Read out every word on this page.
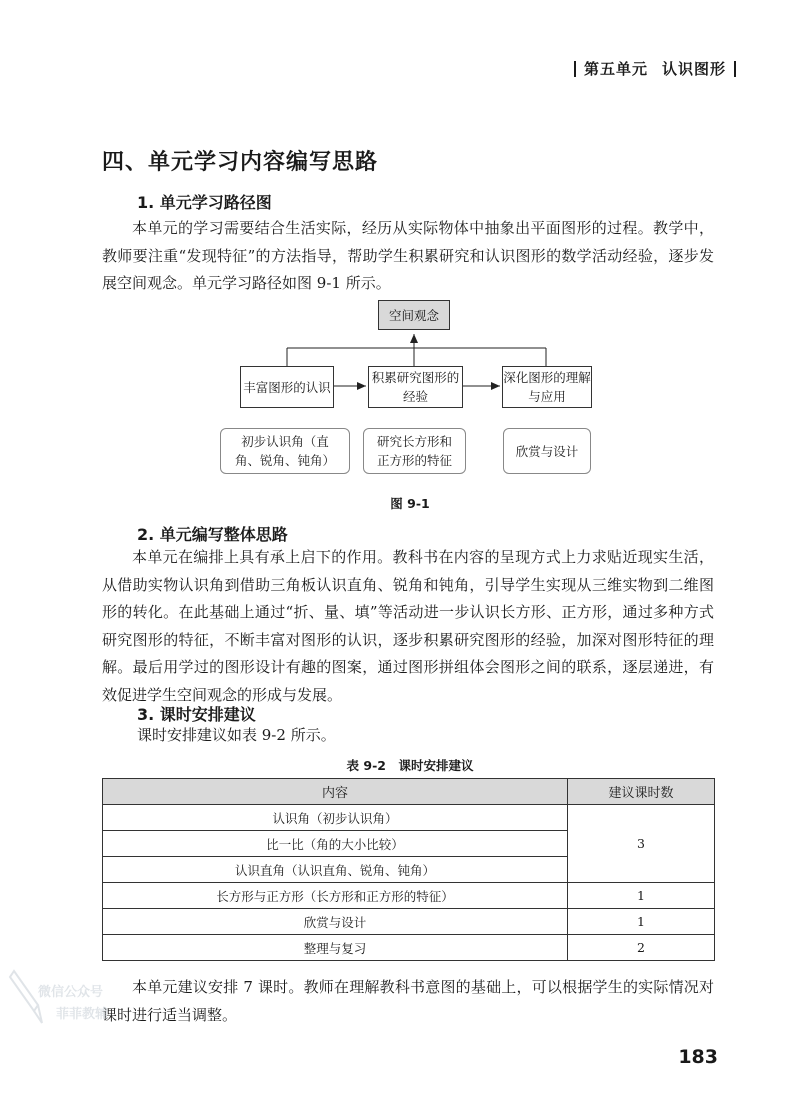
第五单元 认识图形
四、单元学习内容编写思路
1. 单元学习路径图

本单元的学习需要结合生活实际，经历从实际物体中抽象出平面图形的过程。教学中，教师要注重“发现特征”的方法指导，帮助学生积累研究和认识图形的数学活动经验，逐步发展空间观念。单元学习路径如图 9-1 所示。

空间观念
丰富图形的认识
积累研究图形的经验
深化图形的理解与应用
初步认识角（直角、锐角、钝角）
研究长方形和正方形的特征
欣赏与设计
图 9-1
2. 单元编写整体思路

本单元在编排上具有承上启下的作用。教科书在内容的呈现方式上力求贴近现实生活，从借助实物认识角到借助三角板认识直角、锐角和钝角，引导学生实现从三维实物到二维图形的转化。在此基础上通过“折、量、填”等活动进一步认识长方形、正方形，通过多种方式研究图形的特征，不断丰富对图形的认识，逐步积累研究图形的经验，加深对图形特征的理解。最后用学过的图形设计有趣的图案，通过图形拼组体会图形之间的联系，逐层递进，有效促进学生空间观念的形成与发展。

3. 课时安排建议

课时安排建议如表 9-2 所示。

表 9-2　课时安排建议
内容	建议课时数
认识角（初步认识角）	3
比一比（角的大小比较）	
认识直角（认识直角、锐角、钝角）	
长方形与正方形（长方形和正方形的特征）	1
欣赏与设计	1
整理与复习	2

本单元建议安排 7 课时。教师在理解教科书意图的基础上，可以根据学生的实际情况对课时进行适当调整。

微信公众号
菲菲教辅
183
